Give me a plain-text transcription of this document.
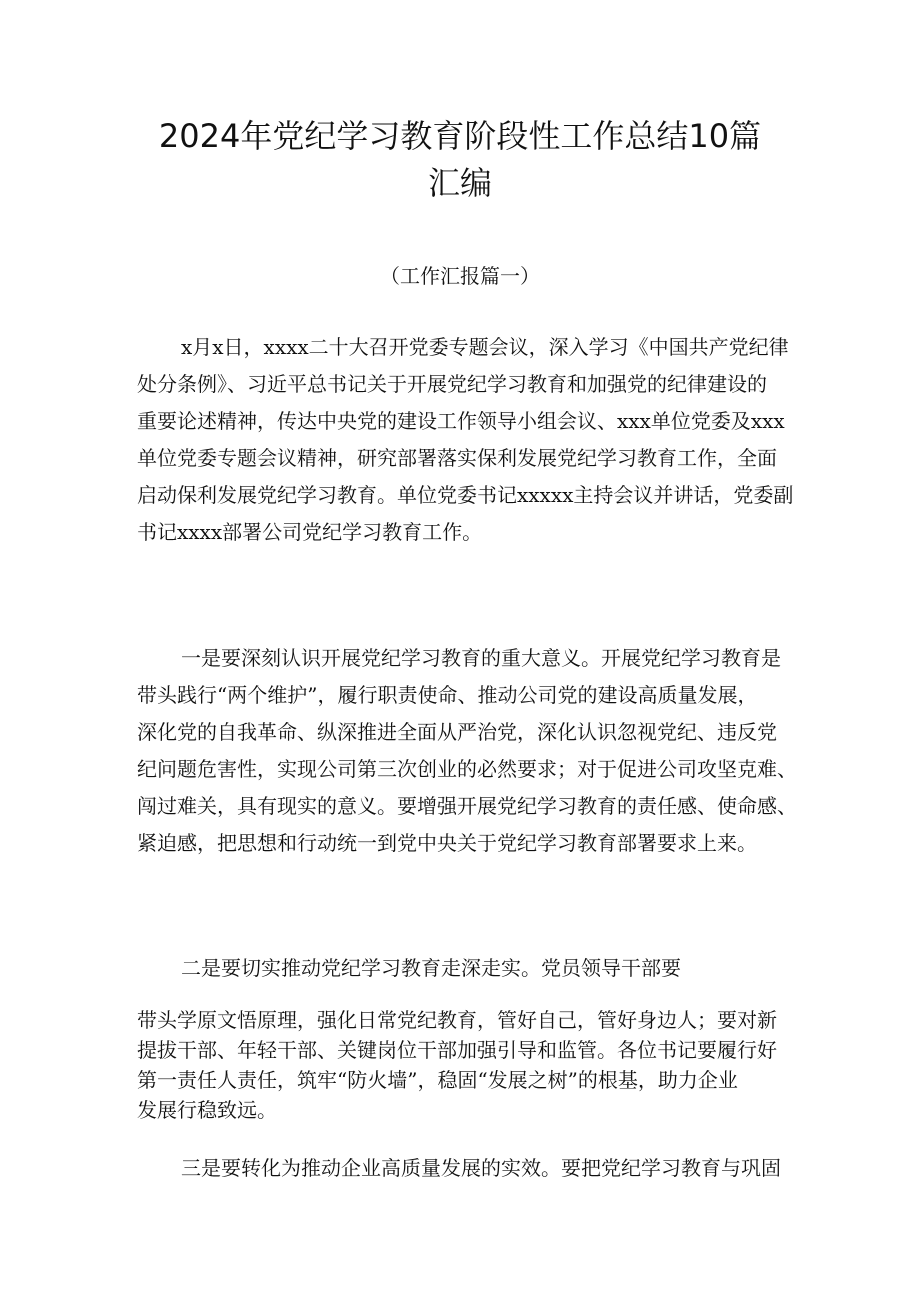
2024年党纪学习教育阶段性工作总结10篇
汇编
（工作汇报篇一）
x月x日，xxxx二十大召开党委专题会议，深入学习《中国共产党纪律
处分条例》、习近平总书记关于开展党纪学习教育和加强党的纪律建设的
重要论述精神，传达中央党的建设工作领导小组会议、xxx单位党委及xxx
单位党委专题会议精神，研究部署落实保利发展党纪学习教育工作，全面
启动保利发展党纪学习教育。单位党委书记xxxxx主持会议并讲话，党委副
书记xxxx部署公司党纪学习教育工作。
一是要深刻认识开展党纪学习教育的重大意义。开展党纪学习教育是
带头践行“两个维护”，履行职责使命、推动公司党的建设高质量发展，
深化党的自我革命、纵深推进全面从严治党，深化认识忽视党纪、违反党
纪问题危害性，实现公司第三次创业的必然要求；对于促进公司攻坚克难、
闯过难关，具有现实的意义。要增强开展党纪学习教育的责任感、使命感、
紧迫感，把思想和行动统一到党中央关于党纪学习教育部署要求上来。
二是要切实推动党纪学习教育走深走实。党员领导干部要
带头学原文悟原理，强化日常党纪教育，管好自己，管好身边人；要对新
提拔干部、年轻干部、关键岗位干部加强引导和监管。各位书记要履行好
第一责任人责任，筑牢“防火墙”，稳固“发展之树”的根基，助力企业
发展行稳致远。
三是要转化为推动企业高质量发展的实效。要把党纪学习教育与巩固
